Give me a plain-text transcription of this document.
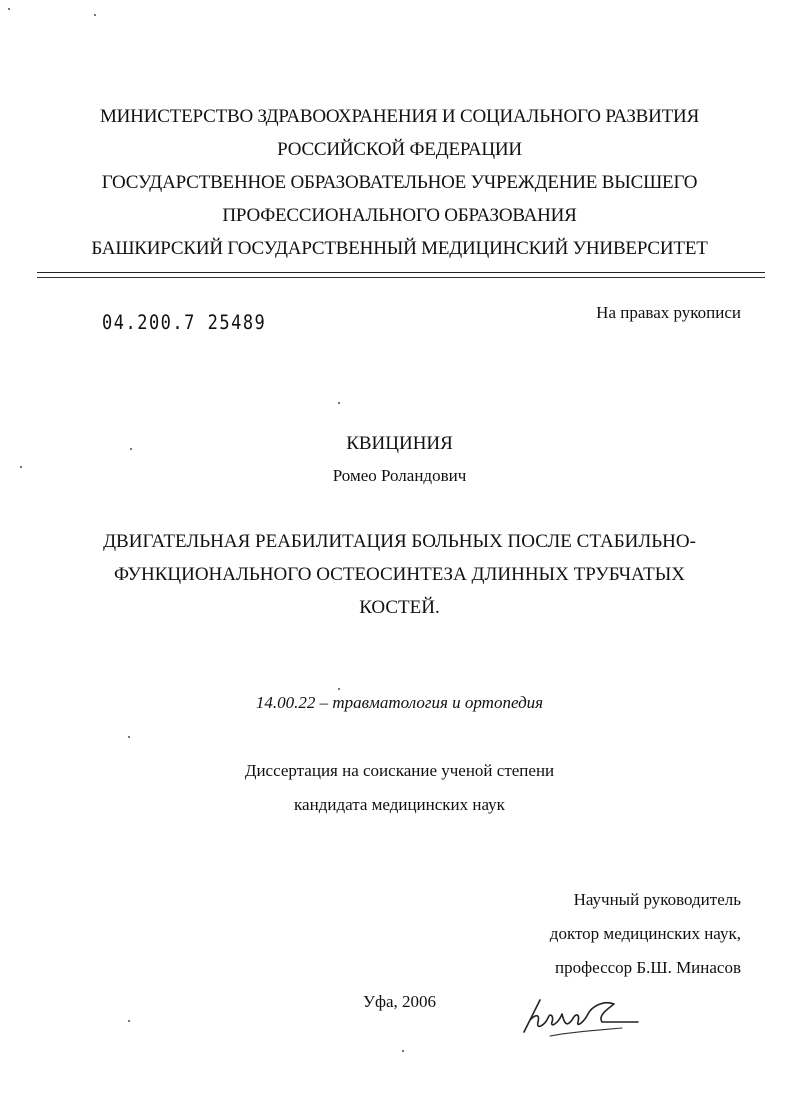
МИНИСТЕРСТВО ЗДРАВООХРАНЕНИЯ И СОЦИАЛЬНОГО РАЗВИТИЯ
РОССИЙСКОЙ ФЕДЕРАЦИИ
ГОСУДАРСТВЕННОЕ ОБРАЗОВАТЕЛЬНОЕ УЧРЕЖДЕНИЕ ВЫСШЕГО
ПРОФЕССИОНАЛЬНОГО ОБРАЗОВАНИЯ
БАШКИРСКИЙ ГОСУДАРСТВЕННЫЙ МЕДИЦИНСКИЙ УНИВЕРСИТЕТ
04.200.7 25489	На правах рукописи
КВИЦИНИЯ
Ромео Роландович
ДВИГАТЕЛЬНАЯ РЕАБИЛИТАЦИЯ БОЛЬНЫХ ПОСЛЕ СТАБИЛЬНО-
ФУНКЦИОНАЛЬНОГО ОСТЕОСИНТЕЗА ДЛИННЫХ ТРУБЧАТЫХ
КОСТЕЙ.
14.00.22 – травматология и ортопедия
Диссертация на соискание ученой степени
кандидата медицинских наук
Научный руководитель
доктор медицинских наук,
профессор Б.Ш. Минасов
Уфа, 2006
